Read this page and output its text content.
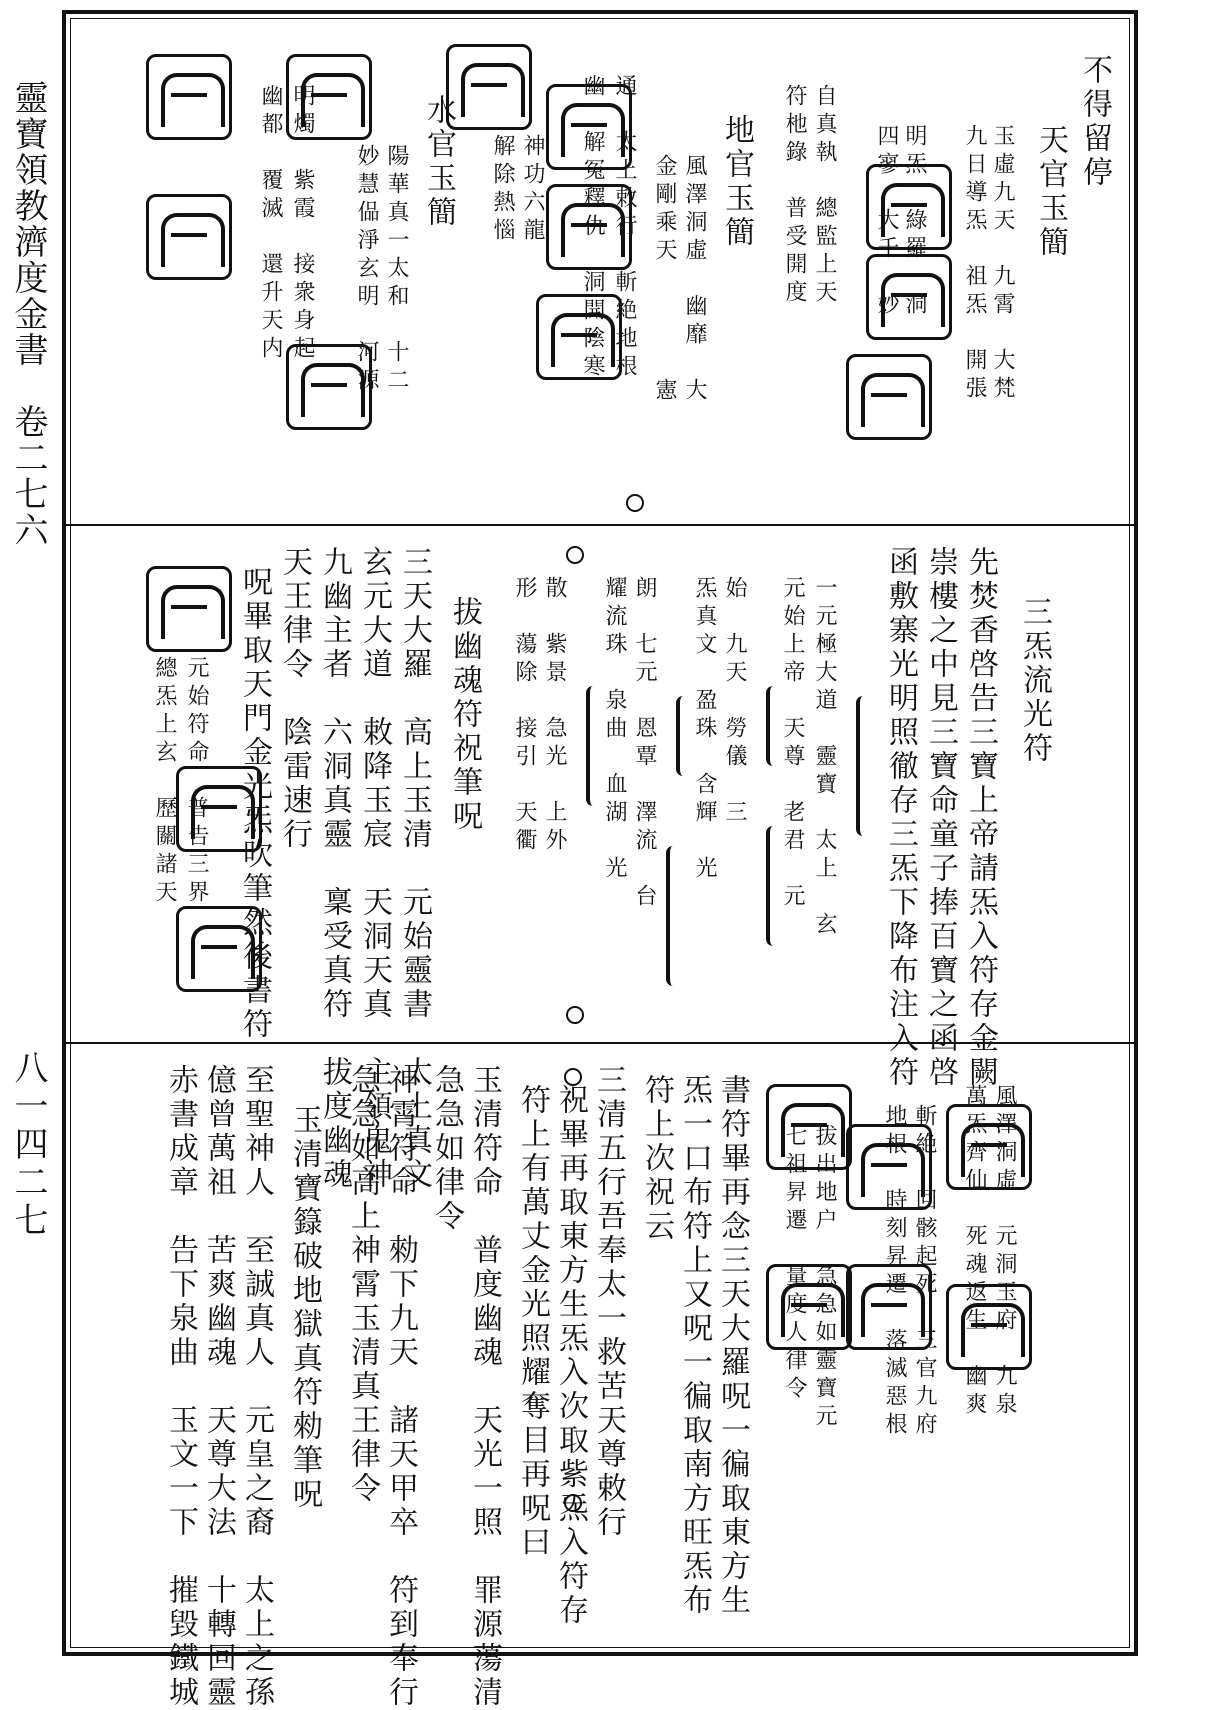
靈寶領教濟度金書　卷二七六
八一四二七
不得留停
天官玉簡
玉虛九天　九霄　大梵
九日導炁　祖炁　開張
明炁　綠羅　洞
四寥　大千　妙
自真執　總監上天
符杝錄　普受開度
地官玉簡
風澤洞虛　幽靡　大
金剛乘天　　　　憲
通　太上敕行　斬絶地根
幽　解冤釋仇　洞開陰寒
神功六龍
解除熱惱
水官玉簡
陽華真一太和　十二
妙慧偘淨玄明　河源
明燭　紫霞　接衆身起
幽都　覆滅　還升天内
三炁流光符
先焚香啓告三寶上帝請炁入符存金闕
崇樓之中見三寶命童子捧百寶之函啓
函敷寨光明照徹存三炁下降布注入符
一元極大道　靈寶　太上　玄
元始上帝　天尊　老君　元
始　九天　勞儀　三
炁真文　盈珠　含輝　光
朗　七元　恩覃　澤流　台
耀流珠　泉曲　血湖　光
散　紫景　急光　上外
形　蕩除　接引　天衢
拔幽魂符祝筆呪
三天大羅　高上玉清　元始靈書　太上真文
玄元大道　敕降玉宸　天洞天真　主領鬼神
九幽主者　六洞真靈　稟受真符　拔度幽魂
天王律令　陰雷速行
呪畢取天門金光炁吹筆然後書符
元始符命　普告三界
總炁上玄　歷關諸天
風澤洞虛　元洞玉府　九泉
萬炁齊仙　死魂返生　幽爽
斬絶　回骸起死　三官九府
地根　時刻昇遷　落滅惡根
拔出地户　急急如靈寶元
七祖昇遷　量度人律令
書符畢再念三天大羅呪一徧取東方生
炁一口布符上又呪一徧取南方旺炁布
符上次祝云
三清五行吾奉太一救苦天尊敕行
祝畢再取東方生炁入次取紫炁入符存
符上有萬丈金光照耀奪目再呪曰
玉清符命　普度幽魂　天光一照　罪源蕩清
急急如律令
神霄符命　勑下九天　諸天甲卒　符到奉行
急急如高上神霄玉清真王律令
玉清寶籙破地獄真符勑筆呪
至聖神人　至誠真人　元皇之裔　太上之孫
億曾萬祖　苦爽幽魂　天尊大法　十轉回靈
赤書成章　告下泉曲　玉文一下　摧毀鐵城
